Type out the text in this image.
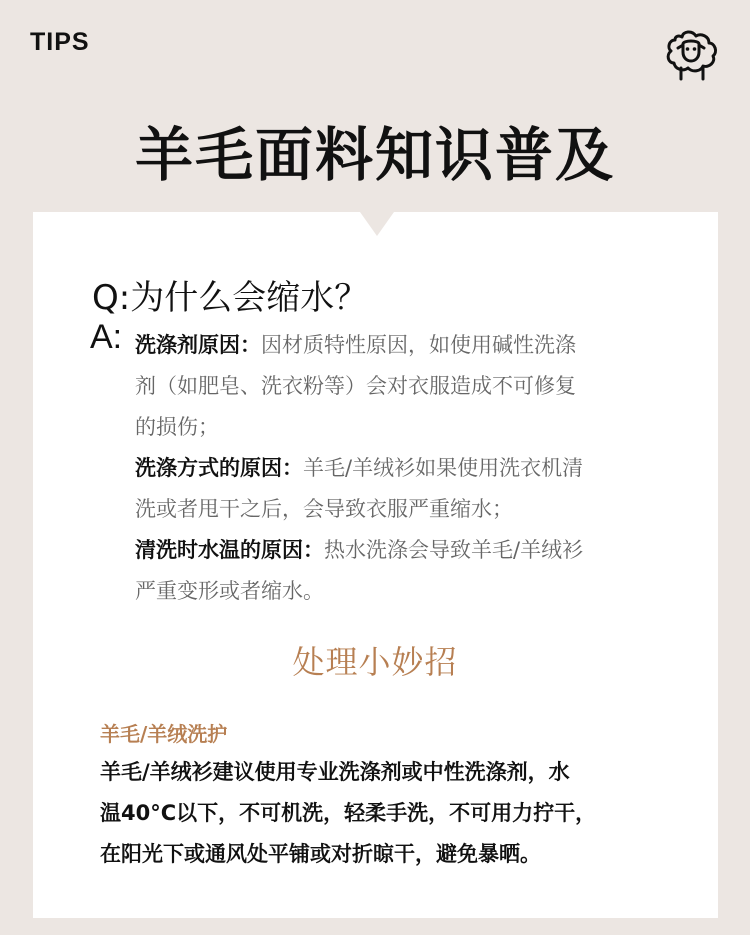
TIPS
羊毛面料知识普及
Q:为什么会缩水？
A: 洗涤剂原因：因材质特性原因，如使用碱性洗涤
剂（如肥皂、洗衣粉等）会对衣服造成不可修复
的损伤；
洗涤方式的原因：羊毛/羊绒衫如果使用洗衣机清
洗或者甩干之后，会导致衣服严重缩水；
清洗时水温的原因：热水洗涤会导致羊毛/羊绒衫
严重变形或者缩水。
处理小妙招
羊毛/羊绒洗护
羊毛/羊绒衫建议使用专业洗涤剂或中性洗涤剂，水
温40°C以下，不可机洗，轻柔手洗，不可用力拧干，
在阳光下或通风处平铺或对折晾干，避免暴晒。
